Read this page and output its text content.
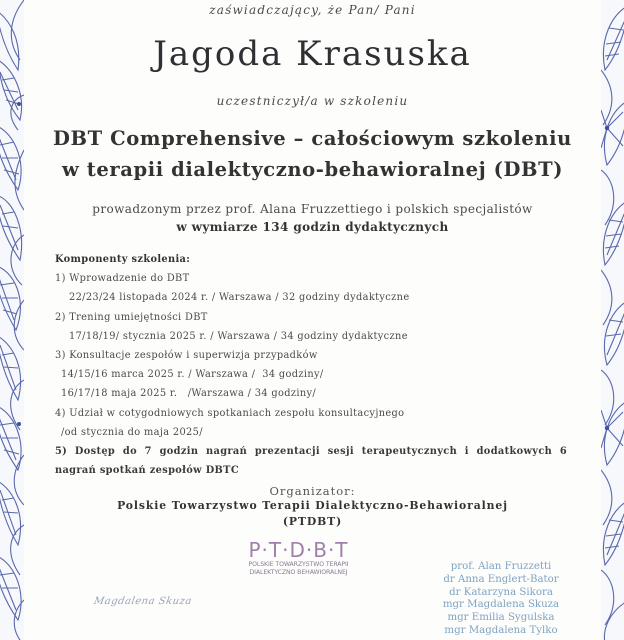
zaświadczający, że Pan/ Pani
Jagoda Krasuska
uczestniczył/a w szkoleniu
DBT Comprehensive – całościowym szkoleniu
w terapii dialektyczno-behawioralnej (DBT)
prowadzonym przez prof. Alana Fruzzettiego i polskich specjalistów
w wymiarze 134 godzin dydaktycznych
Komponenty szkolenia:
1) Wprowadzenie do DBT
22/23/24 listopada 2024 r. / Warszawa / 32 godziny dydaktyczne
2) Trening umiejętności DBT
17/18/19/ stycznia 2025 r. / Warszawa / 34 godziny dydaktyczne
3) Konsultacje zespołów i superwizja przypadków
14/15/16 marca 2025 r. / Warszawa /  34 godziny/
16/17/18 maja 2025 r.   /Warszawa / 34 godziny/
4) Udział w cotygodniowych spotkaniach zespołu konsultacyjnego
/od stycznia do maja 2025/
5) Dostęp do 7 godzin nagrań prezentacji sesji terapeutycznych i dodatkowych 6 nagrań spotkań zespołów DBTC
Organizator:
Polskie Towarzystwo Terapii Dialektyczno-Behawioralnej
(PTDBT)
P·T·D·B·T
POLSKIE TOWARZYSTWO TERAPII
DIALEKTYCZNO BEHAWIORALNEJ
Magdalena Skuza
prof. Alan Fruzzetti
dr Anna Englert-Bator
dr Katarzyna Sikora
mgr Magdalena Skuza
mgr Emilia Sygulska
mgr Magdalena Tylko
